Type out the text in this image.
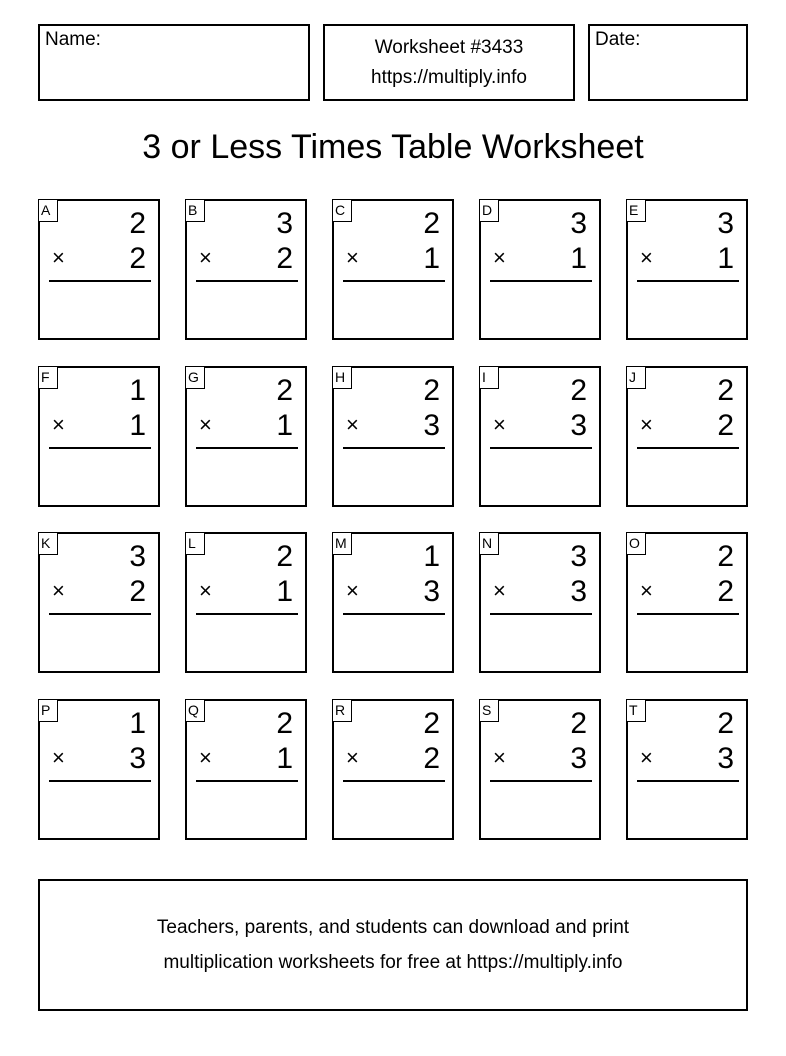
Name:	Worksheet #3433
https://multiply.info
Date:
3 or Less Times Table Worksheet
A	2
× 2
B	3
× 2
C	2
× 1
D	3
× 1
E	3
× 1
F	1
× 1
G	2
× 1
H	2
× 3
I	2
× 3
J	2
× 2
K	3
× 2
L	2
× 1
M	1
× 3
N	3
× 3
O	2
× 2
P	1
× 3
Q	2
× 1
R	2
× 2
S	2
× 3
T	2
× 3
Teachers, parents, and students can download and print
multiplication worksheets for free at https://multiply.info
